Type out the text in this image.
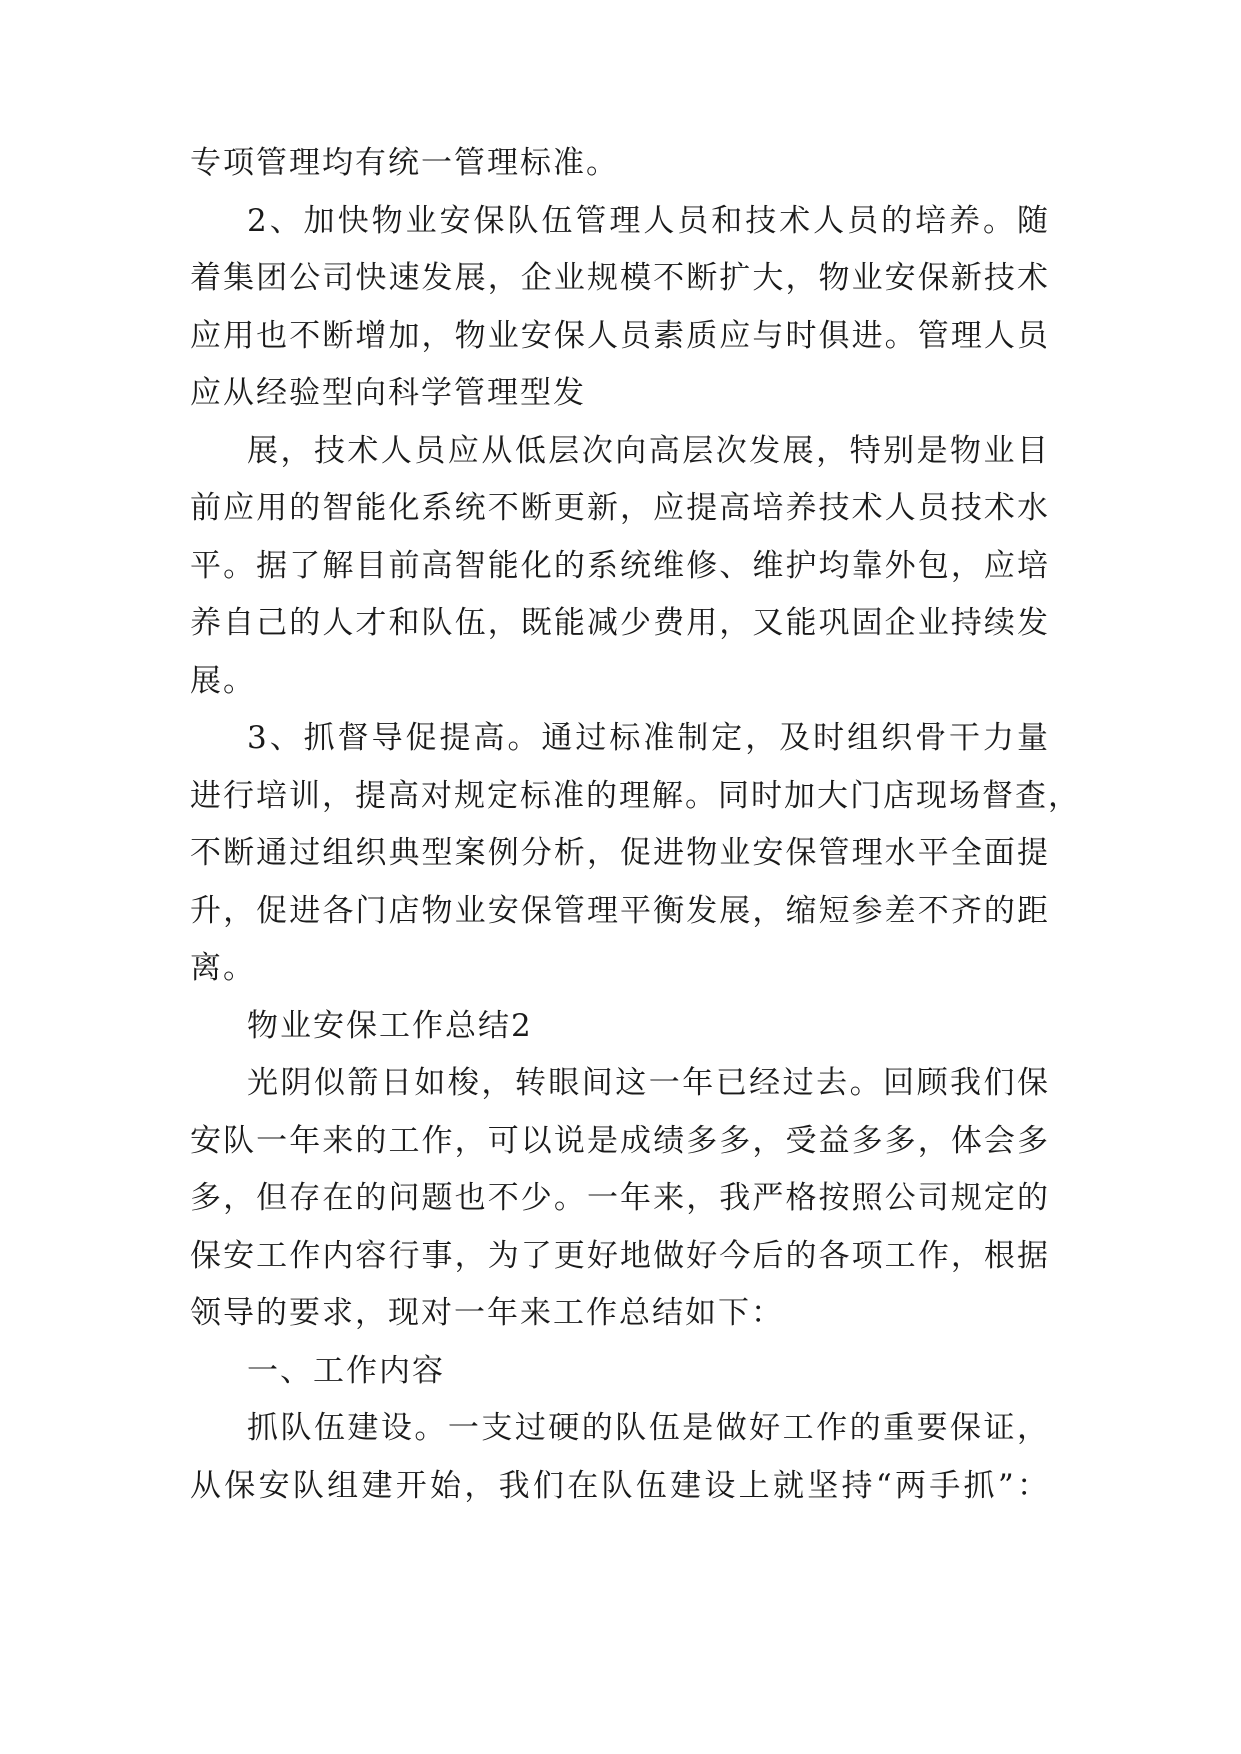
专项管理均有统一管理标准。
2、加快物业安保队伍管理人员和技术人员的培养。随
着集团公司快速发展，企业规模不断扩大，物业安保新技术
应用也不断增加，物业安保人员素质应与时俱进。管理人员
应从经验型向科学管理型发
展，技术人员应从低层次向高层次发展，特别是物业目
前应用的智能化系统不断更新，应提高培养技术人员技术水
平。据了解目前高智能化的系统维修、维护均靠外包，应培
养自己的人才和队伍，既能减少费用，又能巩固企业持续发
展。
3、抓督导促提高。通过标准制定，及时组织骨干力量
进行培训，提高对规定标准的理解。同时加大门店现场督查，
不断通过组织典型案例分析，促进物业安保管理水平全面提
升，促进各门店物业安保管理平衡发展，缩短参差不齐的距
离。
物业安保工作总结2
光阴似箭日如梭，转眼间这一年已经过去。回顾我们保
安队一年来的工作，可以说是成绩多多，受益多多，体会多
多，但存在的问题也不少。一年来，我严格按照公司规定的
保安工作内容行事，为了更好地做好今后的各项工作，根据
领导的要求，现对一年来工作总结如下：
一、工作内容
抓队伍建设。一支过硬的队伍是做好工作的重要保证，
从保安队组建开始，我们在队伍建设上就坚持“两手抓”：
